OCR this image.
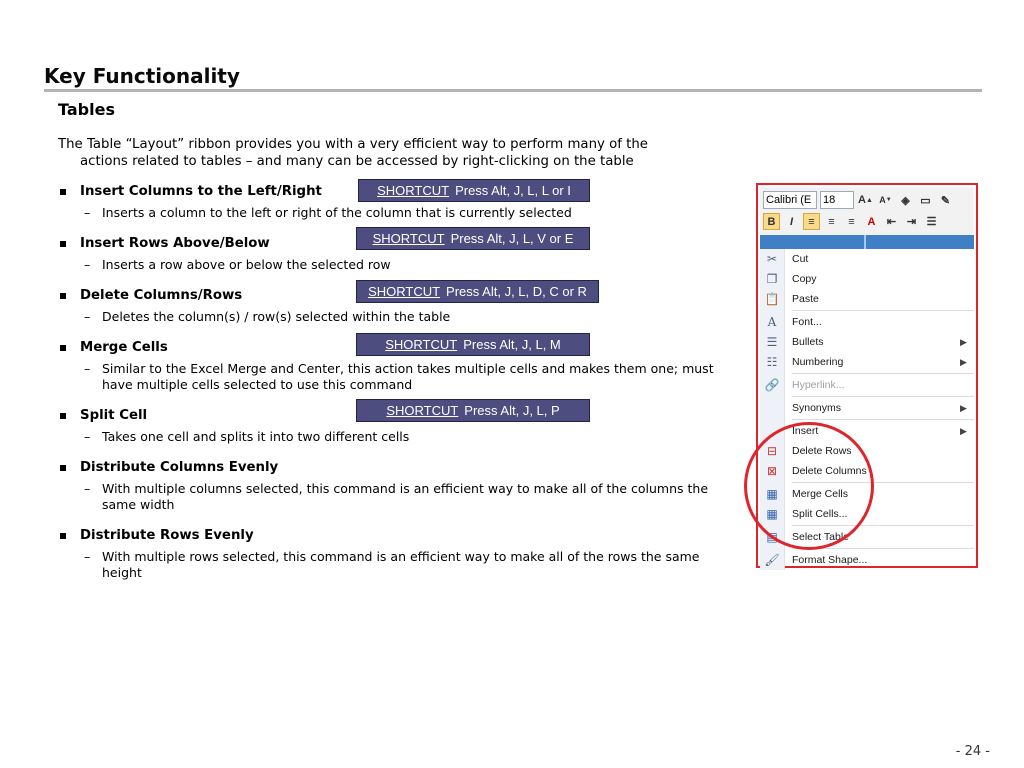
Key Functionality
Tables
The Table “Layout” ribbon provides you with a very efficient way to perform many of the
actions related to tables – and many can be accessed by right-clicking on the table
Insert Columns to the Left/Right
– Inserts a column to the left or right of the column that is currently selected
Insert Rows Above/Below
– Inserts a row above or below the selected row
Delete Columns/Rows
– Deletes the column(s) / row(s) selected within the table
Merge Cells
– Similar to the Excel Merge and Center, this action takes multiple cells and makes them one; must have multiple cells selected to use this command
Split Cell
– Takes one cell and splits it into two different cells
Distribute Columns Evenly
– With multiple columns selected, this command is an efficient way to make all of the columns the same width
Distribute Rows Evenly
– With multiple rows selected, this command is an efficient way to make all of the rows the same height
SHORTCUT Press Alt, J, L, L or I
SHORTCUT Press Alt, J, L, V or E
SHORTCUT Press Alt, J, L, D, C or R
SHORTCUT Press Alt, J, L, M
SHORTCUT Press Alt, J, L, P
Calibri (E	18	A ▲ A ▼ ◈ ▭ ✎
B	I	≡	≡	≡	A	⇤ ⇥ ☰
✂	Cut
❐	Copy
📋	Paste
A	Font...
☰	Bullets	▶
☷	Numbering	▶
🔗	Hyperlink...
Synonyms	▶
Insert	▶
⊟	Delete Rows
⊠	Delete Columns
▦	Merge Cells
▦	Split Cells...
▤	Select Table
🖌	Format Shape...
- 24 -
